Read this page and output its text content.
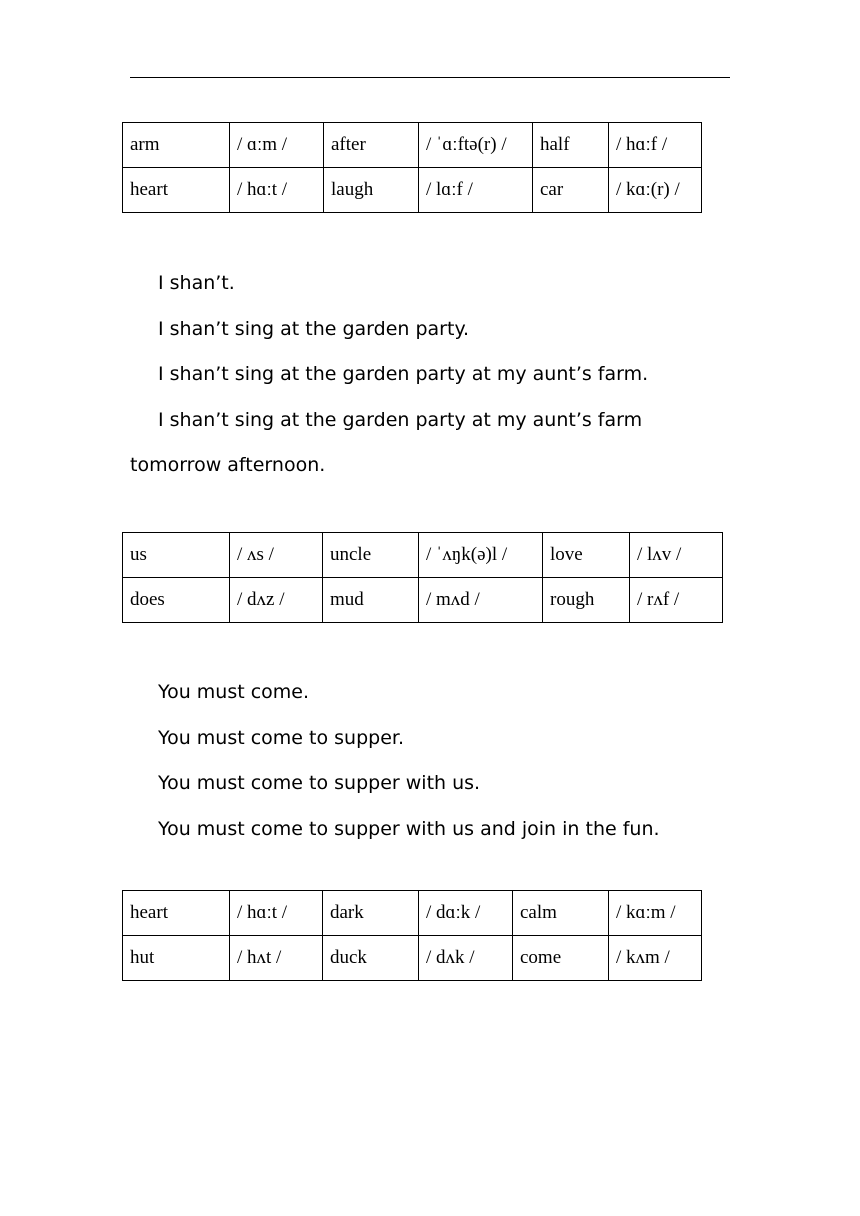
arm	/ ɑːm /	after	/ ˈɑːftə(r) /	half	/ hɑːf /
heart	/ hɑːt /	laugh	/ lɑːf /	car	/ kɑː(r) /

I shan’t.

I shan’t sing at the garden party.

I shan’t sing at the garden party at my aunt’s farm.

I shan’t sing at the garden party at my aunt’s farm tomorrow afternoon.

us	/ ʌs /	uncle	/ ˈʌŋk(ə)l /	love	/ lʌv /
does	/ dʌz /	mud	/ mʌd /	rough	/ rʌf /

You must come.

You must come to supper.

You must come to supper with us.

You must come to supper with us and join in the fun.

heart	/ hɑːt /	dark	/ dɑːk /	calm	/ kɑːm /
hut	/ hʌt /	duck	/ dʌk /	come	/ kʌm /
